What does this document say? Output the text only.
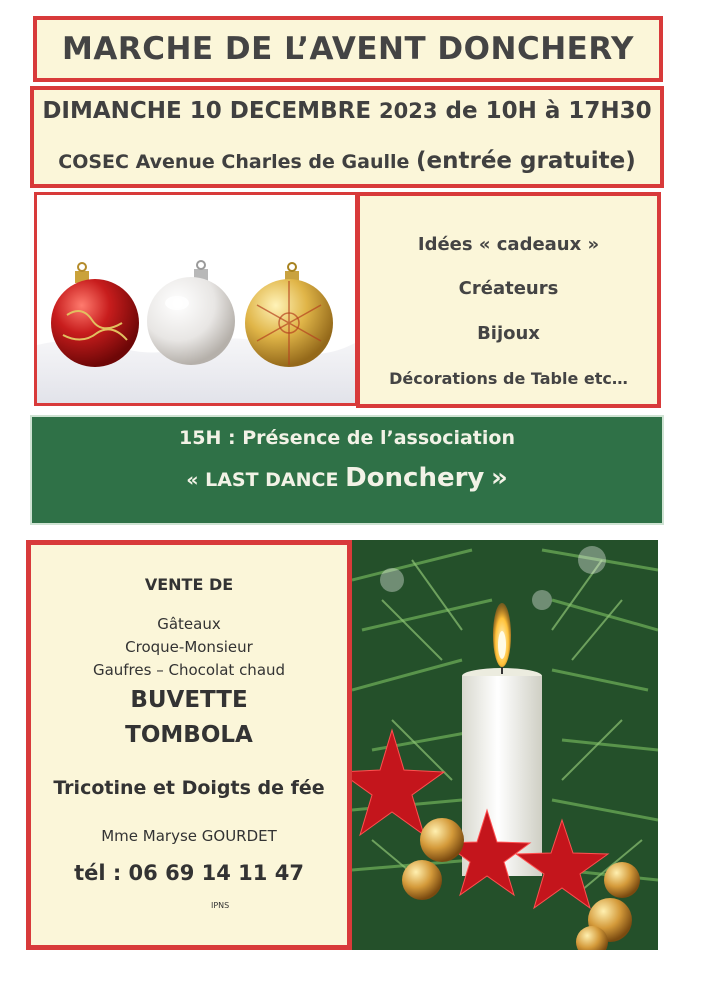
MARCHE DE L’AVENT DONCHERY
DIMANCHE 10 DECEMBRE 2023 de 10H à 17H30
COSEC Avenue Charles de Gaulle (entrée gratuite)
Idées « cadeaux »
Créateurs
Bijoux
Décorations de Table etc…
15H : Présence de l’association
« LAST DANCE Donchery »
VENTE DE
Gâteaux
Croque-Monsieur
Gaufres – Chocolat chaud
BUVETTE
TOMBOLA
Tricotine et Doigts de fée
Mme Maryse GOURDET
tél : 06 69 14 11 47
IPNS
